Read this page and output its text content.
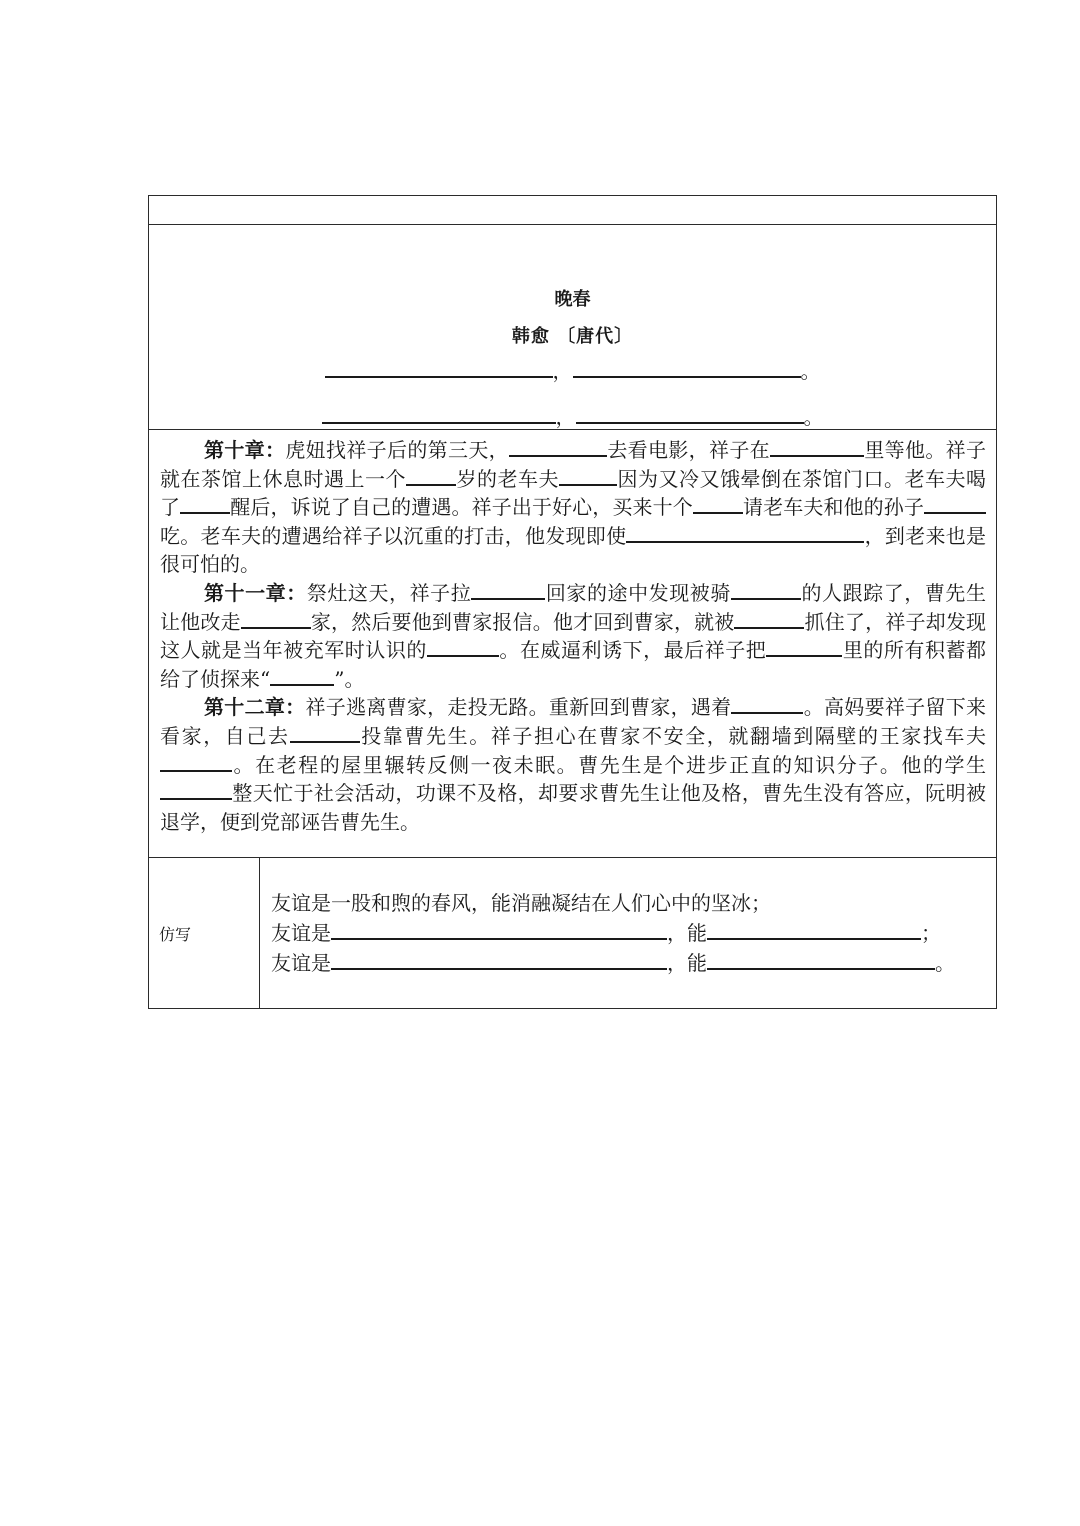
晚春
韩愈 〔唐代〕
，	。
，	。

第十章：虎妞找祥子后的第三天，	去看电影，祥子在	里等他。祥子就在茶馆上休息时遇上一个	岁的老车夫	因为又冷又饿晕倒在茶馆门口。老车夫喝了	醒后，诉说了自己的遭遇。祥子出于好心，买来十个	请老车夫和他的孙子吃。老车夫的遭遇给祥子以沉重的打击，他发现即使	，到老来也是很可怕的。

第十一章：祭灶这天，祥子拉	回家的途中发现被骑	的人跟踪了，曹先生让他改走	家，然后要他到曹家报信。他才回到曹家，就被	抓住了，祥子却发现这人就是当年被充军时认识的	。在威逼利诱下，最后祥子把	里的所有积蓄都给了侦探来“	”。

第十二章：祥子逃离曹家，走投无路。重新回到曹家，遇着	。高妈要祥子留下来看家，自己去	投靠曹先生。祥子担心在曹家不安全，就翻墙到隔壁的王家找车夫。在老程的屋里辗转反侧一夜未眠。曹先生是个进步正直的知识分子。他的学生整天忙于社会活动，功课不及格，却要求曹先生让他及格，曹先生没有答应，阮明被退学，便到党部诬告曹先生。

仿写
友谊是一股和煦的春风，能消融凝结在人们心中的坚冰；
友谊是	，能	；
友谊是	，能	。
